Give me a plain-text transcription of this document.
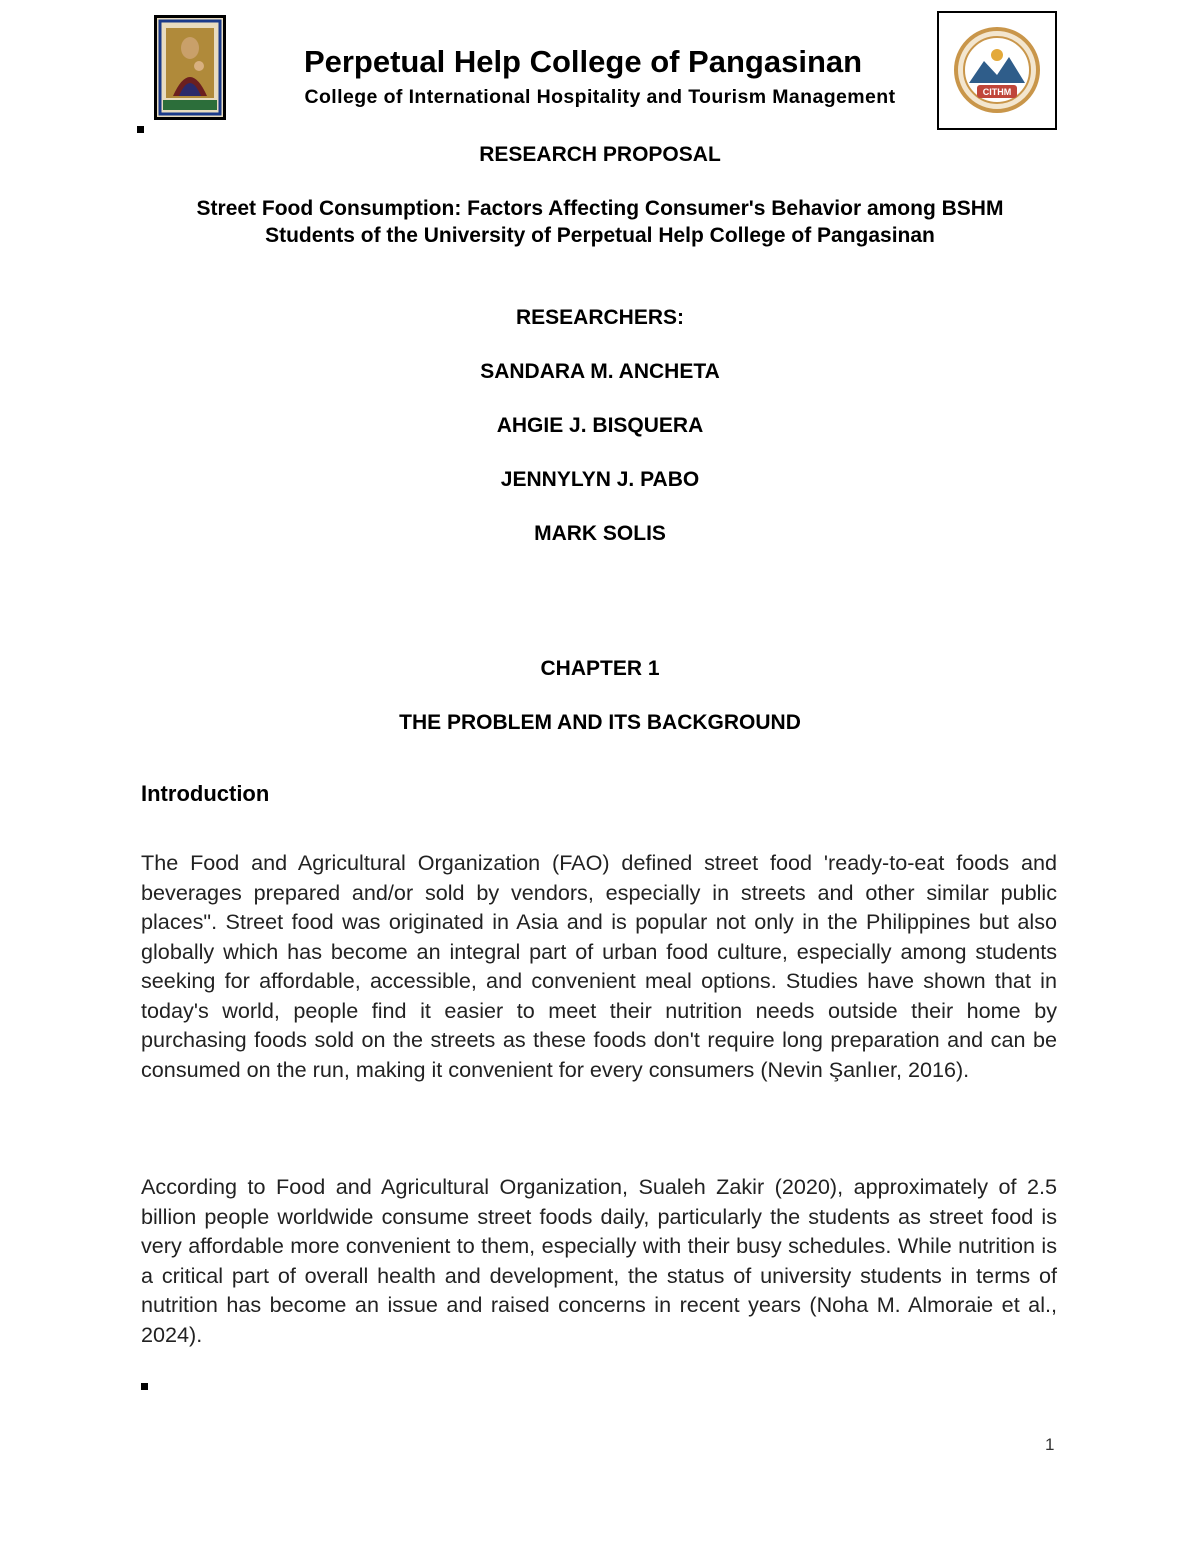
CITHM
Perpetual Help College of Pangasinan
College of International Hospitality and Tourism Management
RESEARCH PROPOSAL
Street Food Consumption: Factors Affecting Consumer's Behavior among BSHM
Students of the University of Perpetual Help College of Pangasinan
RESEARCHERS:
SANDARA M. ANCHETA
AHGIE J. BISQUERA
JENNYLYN J. PABO
MARK SOLIS
CHAPTER 1
THE PROBLEM AND ITS BACKGROUND
Introduction
The Food and Agricultural Organization (FAO) defined street food 'ready-to-eat foods and beverages prepared and/or sold by vendors, especially in streets and other similar public places". Street food was originated in Asia and is popular not only in the Philippines but also globally which has become an integral part of urban food culture, especially among students seeking for affordable, accessible, and convenient meal options. Studies have shown that in today's world, people find it easier to meet their nutrition needs outside their home by purchasing foods sold on the streets as these foods don't require long preparation and can be consumed on the run, making it convenient for every consumers (Nevin Şanlıer, 2016).
According to Food and Agricultural Organization, Sualeh Zakir (2020), approximately of 2.5 billion people worldwide consume street foods daily, particularly the students as street food is very affordable more convenient to them, especially with their busy schedules. While nutrition is a critical part of overall health and development, the status of university students in terms of nutrition has become an issue and raised concerns in recent years (Noha M. Almoraie et al., 2024).
1
